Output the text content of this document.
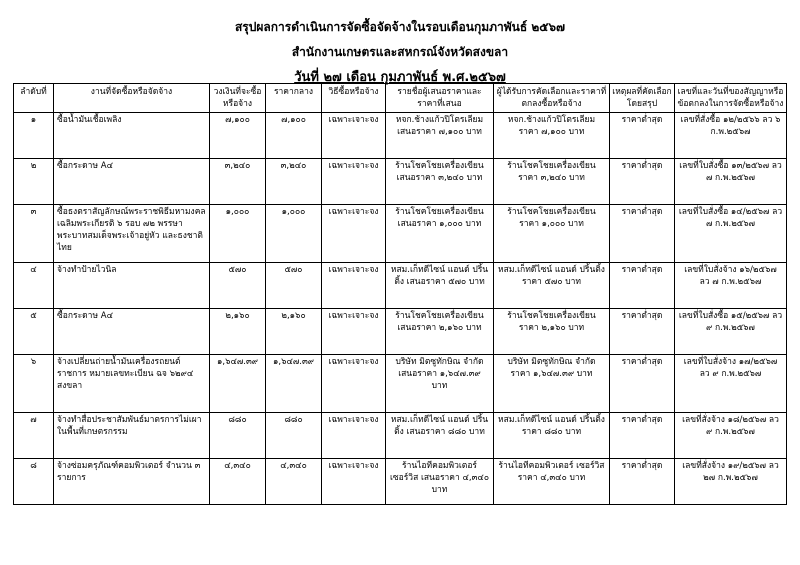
สรุปผลการดำเนินการจัดซื้อจัดจ้างในรอบเดือนกุมภาพันธ์ ๒๕๖๗
สำนักงานเกษตรและสหกรณ์จังหวัดสงขลา
วันที่ ๒๗ เดือน กุมภาพันธ์ พ.ศ.๒๕๖๗
ลำดับที่	งานที่จัดซื้อหรือจัดจ้าง	วงเงินที่จะซื้อหรือจ้าง	ราคากลาง	วิธีซื้อหรือจ้าง	รายชื่อผู้เสนอราคาและราคาที่เสนอ	ผู้ได้รับการคัดเลือกและราคาที่ตกลงซื้อหรือจ้าง	เหตุผลที่คัดเลือกโดยสรุป	เลขที่และวันที่ของสัญญาหรือข้อตกลงในการจัดซื้อหรือจ้าง
๑	ซื้อน้ำมันเชื้อเพลิง	๗,๑๐๐	๗,๑๐๐	เฉพาะเจาะจง	หจก.ช้างแก้วปิโตรเลียม เสนอราคา ๗,๑๐๐ บาท	หจก.ช้างแก้วปิโตรเลียม ราคา ๗,๑๐๐ บาท	ราคาต่ำสุด	เลขที่สั่งซื้อ ๑๒/๒๕๖๖ ลว ๖ ก.พ.๒๕๖๗
๒	ซื้อกระดาษ A๔	๓,๒๔๐	๓,๒๔๐	เฉพาะเจาะจง	ร้านโชคโชยเครื่องเขียน เสนอราคา ๓,๒๔๐ บาท	ร้านโชคโชยเครื่องเขียน ราคา ๓,๒๔๐ บาท	ราคาต่ำสุด	เลขที่ใบสั่งซื้อ ๑๓/๒๕๖๗ ลว ๗ ก.พ.๒๕๖๗
๓	ซื้อธงตราสัญลักษณ์พระราชพิธีมหามงคลเฉลิมพระเกียรติ ๖ รอบ ๗๒ พรรษา พระบาทสมเด็จพระเจ้าอยู่หัว และธงชาติไทย	๑,๐๐๐	๑,๐๐๐	เฉพาะเจาะจง	ร้านโชคโชยเครื่องเขียน เสนอราคา ๑,๐๐๐ บาท	ร้านโชคโชยเครื่องเขียน ราคา ๑,๐๐๐ บาท	ราคาต่ำสุด	เลขที่ใบสั่งซื้อ ๑๔/๒๕๖๗ ลว ๗ ก.พ.๒๕๖๗
๔	จ้างทำป้ายไวนิล	๕๗๐	๕๗๐	เฉพาะเจาะจง	หสม.เก็ทดีไซน์ แอนด์ ปริ้นติ้ง เสนอราคา ๕๗๐ บาท	หสม.เก็ทดีไซน์ แอนด์ ปริ้นติ้ง ราคา ๕๗๐ บาท	ราคาต่ำสุด	เลขที่ใบสั่งจ้าง ๑๖/๒๕๖๗ ลว ๗ ก.พ.๒๕๖๗
๕	ซื้อกระดาษ A๔	๒,๑๖๐	๒,๑๖๐	เฉพาะเจาะจง	ร้านโชคโชยเครื่องเขียน เสนอราคา ๒,๑๖๐ บาท	ร้านโชคโชยเครื่องเขียน ราคา ๒,๑๖๐ บาท	ราคาต่ำสุด	เลขที่ใบสั่งซื้อ ๑๕/๒๕๖๗ ลว ๙ ก.พ.๒๕๖๗
๖	จ้างเปลี่ยนถ่ายน้ำมันเครื่องรถยนต์ราชการ หมายเลขทะเบียน ฉจ ๖๒๙๔ สงขลา	๑,๖๔๗.๓๙	๑,๖๔๗.๓๙	เฉพาะเจาะจง	บริษัท มิตซูทักษิณ จำกัด เสนอราคา ๑,๖๔๗.๓๙ บาท	บริษัท มิตซูทักษิณ จำกัด ราคา ๑,๖๔๗.๓๙ บาท	ราคาต่ำสุด	เลขที่ใบสั่งจ้าง ๑๗/๒๕๖๗ ลว ๙ ก.พ.๒๕๖๗
๗	จ้างทำสื่อประชาสัมพันธ์มาตรการไม่เผาในพื้นที่เกษตรกรรม	๘๘๐	๘๘๐	เฉพาะเจาะจง	หสม.เก็ทดีไซน์ แอนด์ ปริ้นติ้ง เสนอราคา ๘๘๐ บาท	หสม.เก็ทดีไซน์ แอนด์ ปริ้นติ้ง ราคา ๘๘๐ บาท	ราคาต่ำสุด	เลขที่สั่งจ้าง ๑๘/๒๕๖๗ ลว ๙ ก.พ.๒๕๖๗
๘	จ้างซ่อมครุภัณฑ์คอมพิวเตอร์ จำนวน ๓ รายการ	๔,๓๔๐	๔,๓๔๐	เฉพาะเจาะจง	ร้านไอทีคอมพิวเตอร์ เซอร์วิส เสนอราคา ๔,๓๔๐ บาท	ร้านไอทีคอมพิวเตอร์ เซอร์วิส ราคา ๔,๓๔๐ บาท	ราคาต่ำสุด	เลขที่สั่งจ้าง ๑๙/๒๕๖๗ ลว ๒๗ ก.พ.๒๕๖๗
